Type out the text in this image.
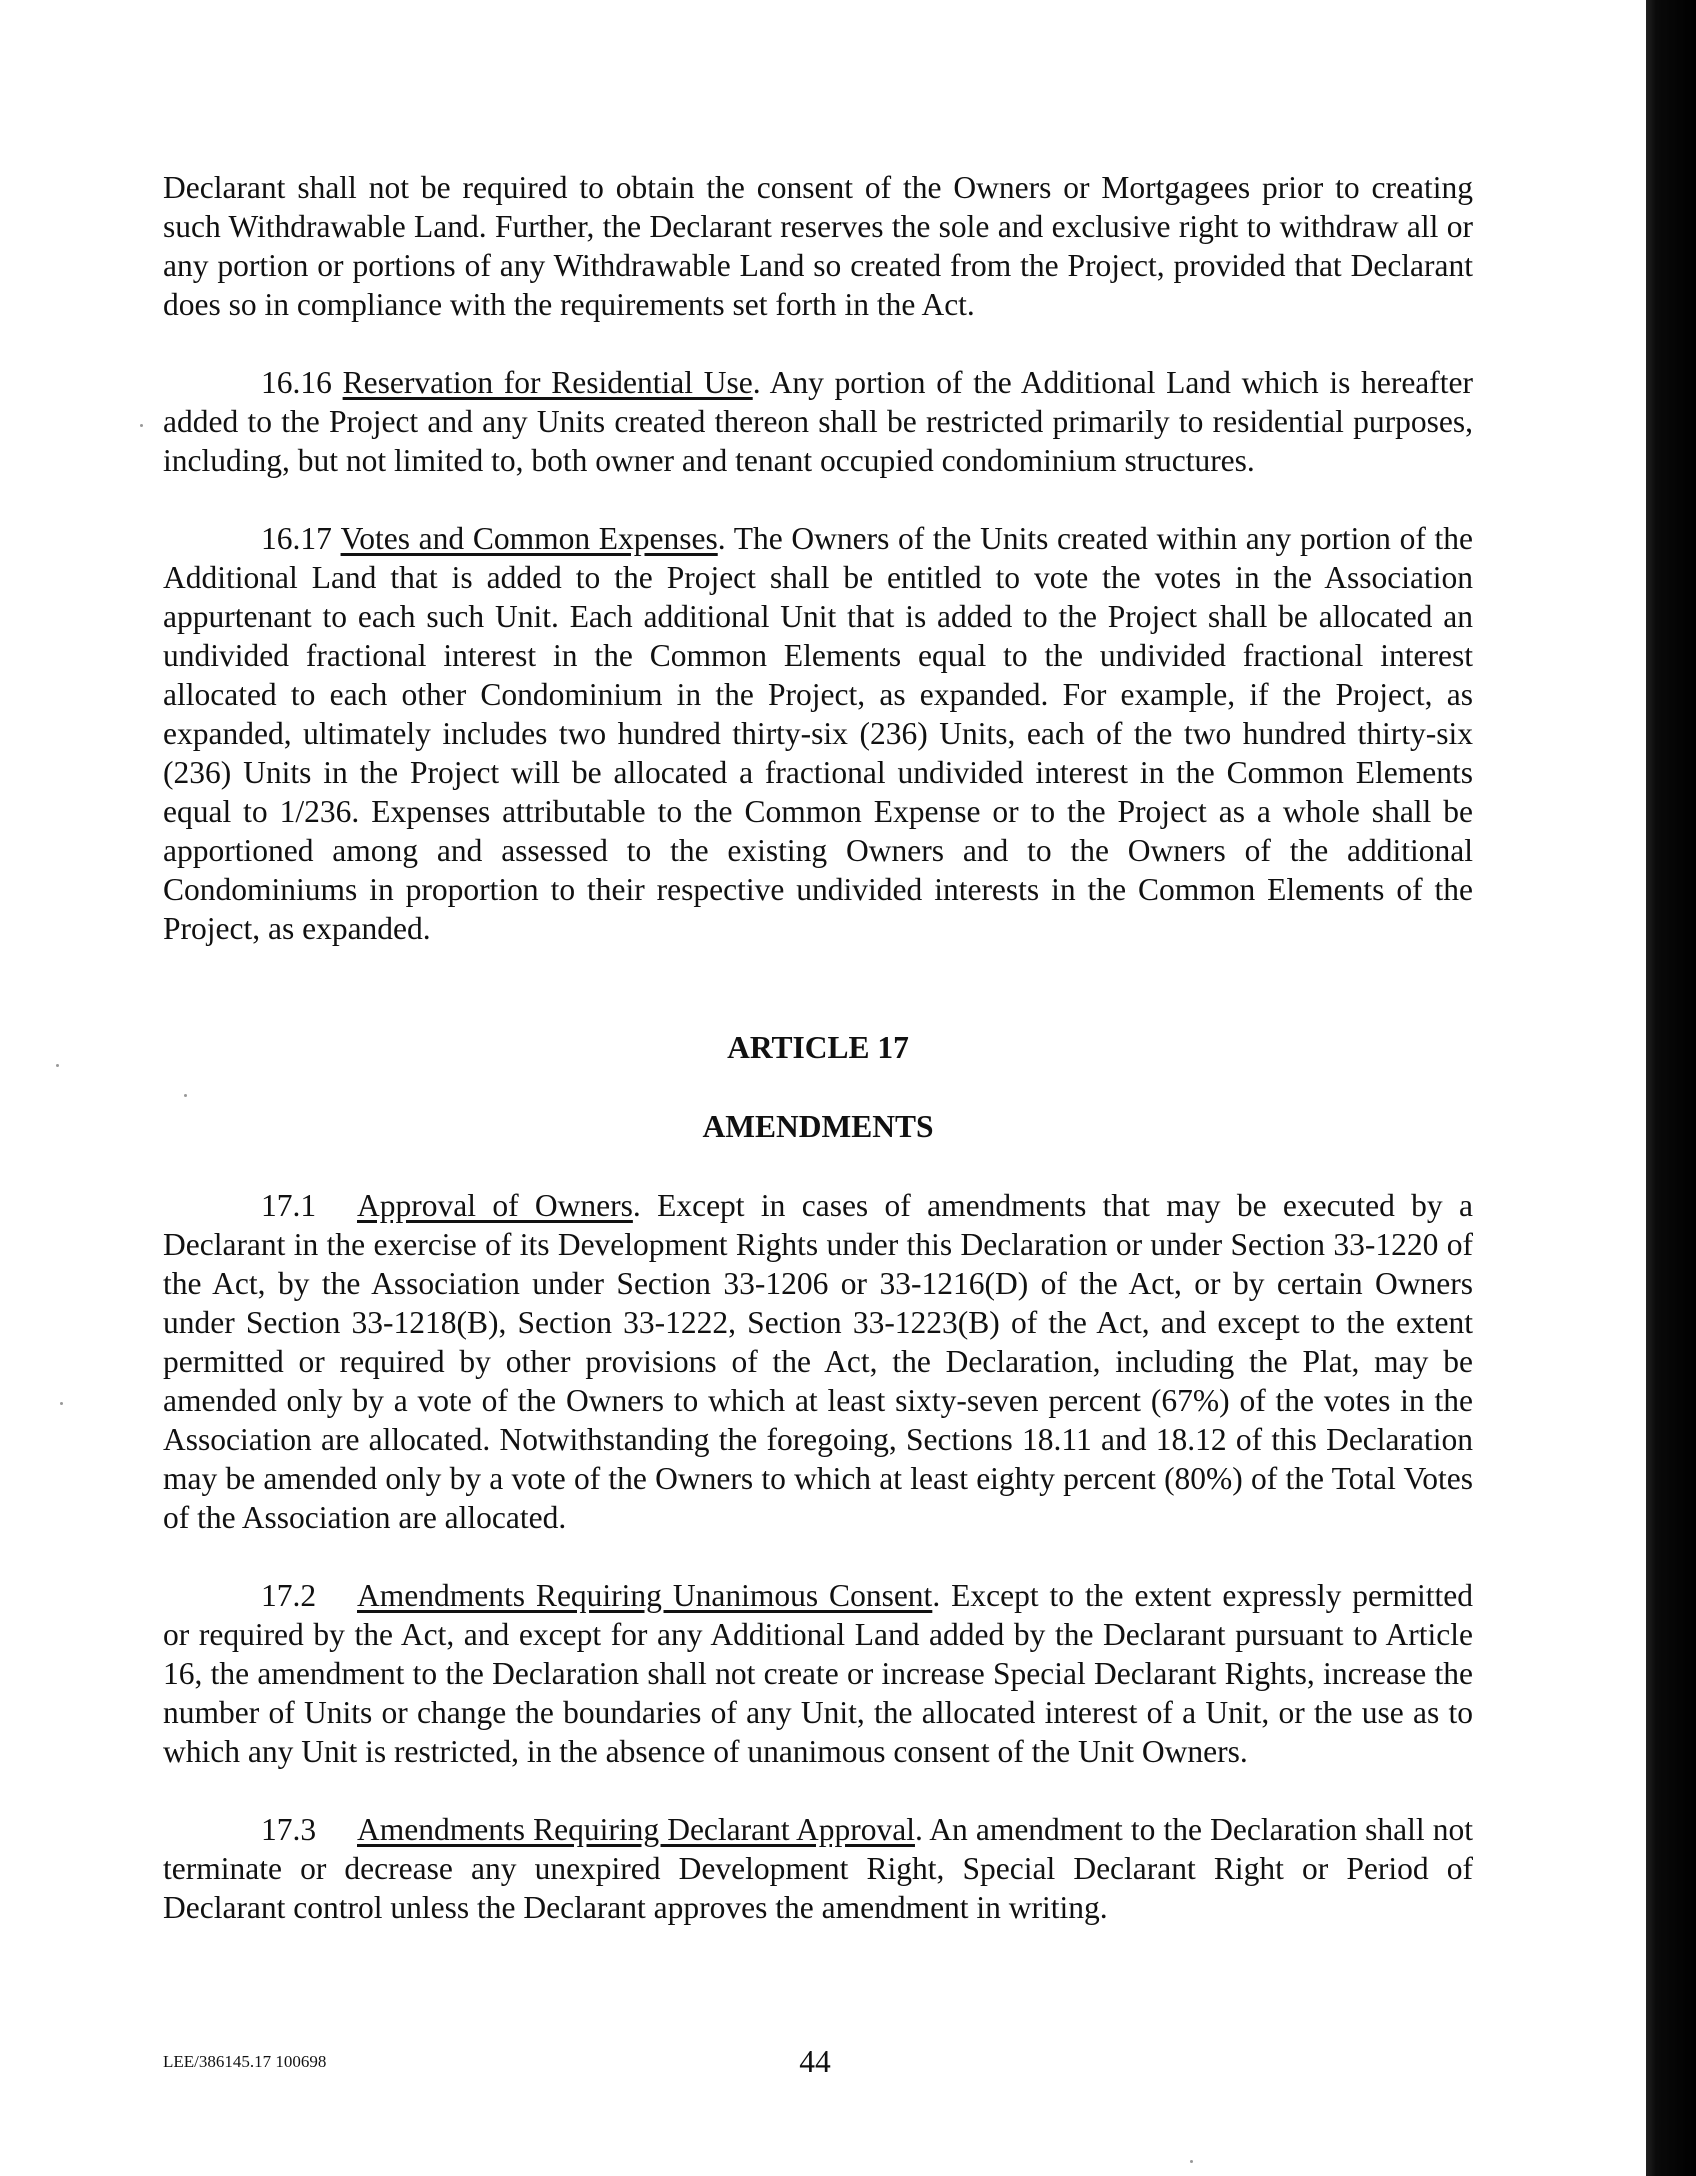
Declarant shall not be required to obtain the consent of the Owners or Mortgagees prior to creating such Withdrawable Land. Further, the Declarant reserves the sole and exclusive right to withdraw all or any portion or portions of any Withdrawable Land so created from the Project, provided that Declarant does so in compliance with the requirements set forth in the Act.

16.16 Reservation for Residential Use. Any portion of the Additional Land which is hereafter added to the Project and any Units created thereon shall be restricted primarily to residential purposes, including, but not limited to, both owner and tenant occupied condominium structures.

16.17 Votes and Common Expenses. The Owners of the Units created within any portion of the Additional Land that is added to the Project shall be entitled to vote the votes in the Association appurtenant to each such Unit. Each additional Unit that is added to the Project shall be allocated an undivided fractional interest in the Common Elements equal to the undivided fractional interest allocated to each other Condominium in the Project, as expanded. For example, if the Project, as expanded, ultimately includes two hundred thirty-six (236) Units, each of the two hundred thirty-six (236) Units in the Project will be allocated a fractional undivided interest in the Common Elements equal to 1/236. Expenses attributable to the Common Expense or to the Project as a whole shall be apportioned among and assessed to the existing Owners and to the Owners of the additional Condominiums in proportion to their respective undivided interests in the Common Elements of the Project, as expanded.

ARTICLE 17

AMENDMENTS

17.1 Approval of Owners. Except in cases of amendments that may be executed by a Declarant in the exercise of its Development Rights under this Declaration or under Section 33-1220 of the Act, by the Association under Section 33-1206 or 33-1216(D) of the Act, or by certain Owners under Section 33-1218(B), Section 33-1222, Section 33-1223(B) of the Act, and except to the extent permitted or required by other provisions of the Act, the Declaration, including the Plat, may be amended only by a vote of the Owners to which at least sixty-seven percent (67%) of the votes in the Association are allocated. Notwithstanding the foregoing, Sections 18.11 and 18.12 of this Declaration may be amended only by a vote of the Owners to which at least eighty percent (80%) of the Total Votes of the Association are allocated.

17.2 Amendments Requiring Unanimous Consent. Except to the extent expressly permitted or required by the Act, and except for any Additional Land added by the Declarant pursuant to Article 16, the amendment to the Declaration shall not create or increase Special Declarant Rights, increase the number of Units or change the boundaries of any Unit, the allocated interest of a Unit, or the use as to which any Unit is restricted, in the absence of unanimous consent of the Unit Owners.

17.3 Amendments Requiring Declarant Approval. An amendment to the Declaration shall not terminate or decrease any unexpired Development Right, Special Declarant Right or Period of Declarant control unless the Declarant approves the amendment in writing.

LEE/386145.17 100698	44
